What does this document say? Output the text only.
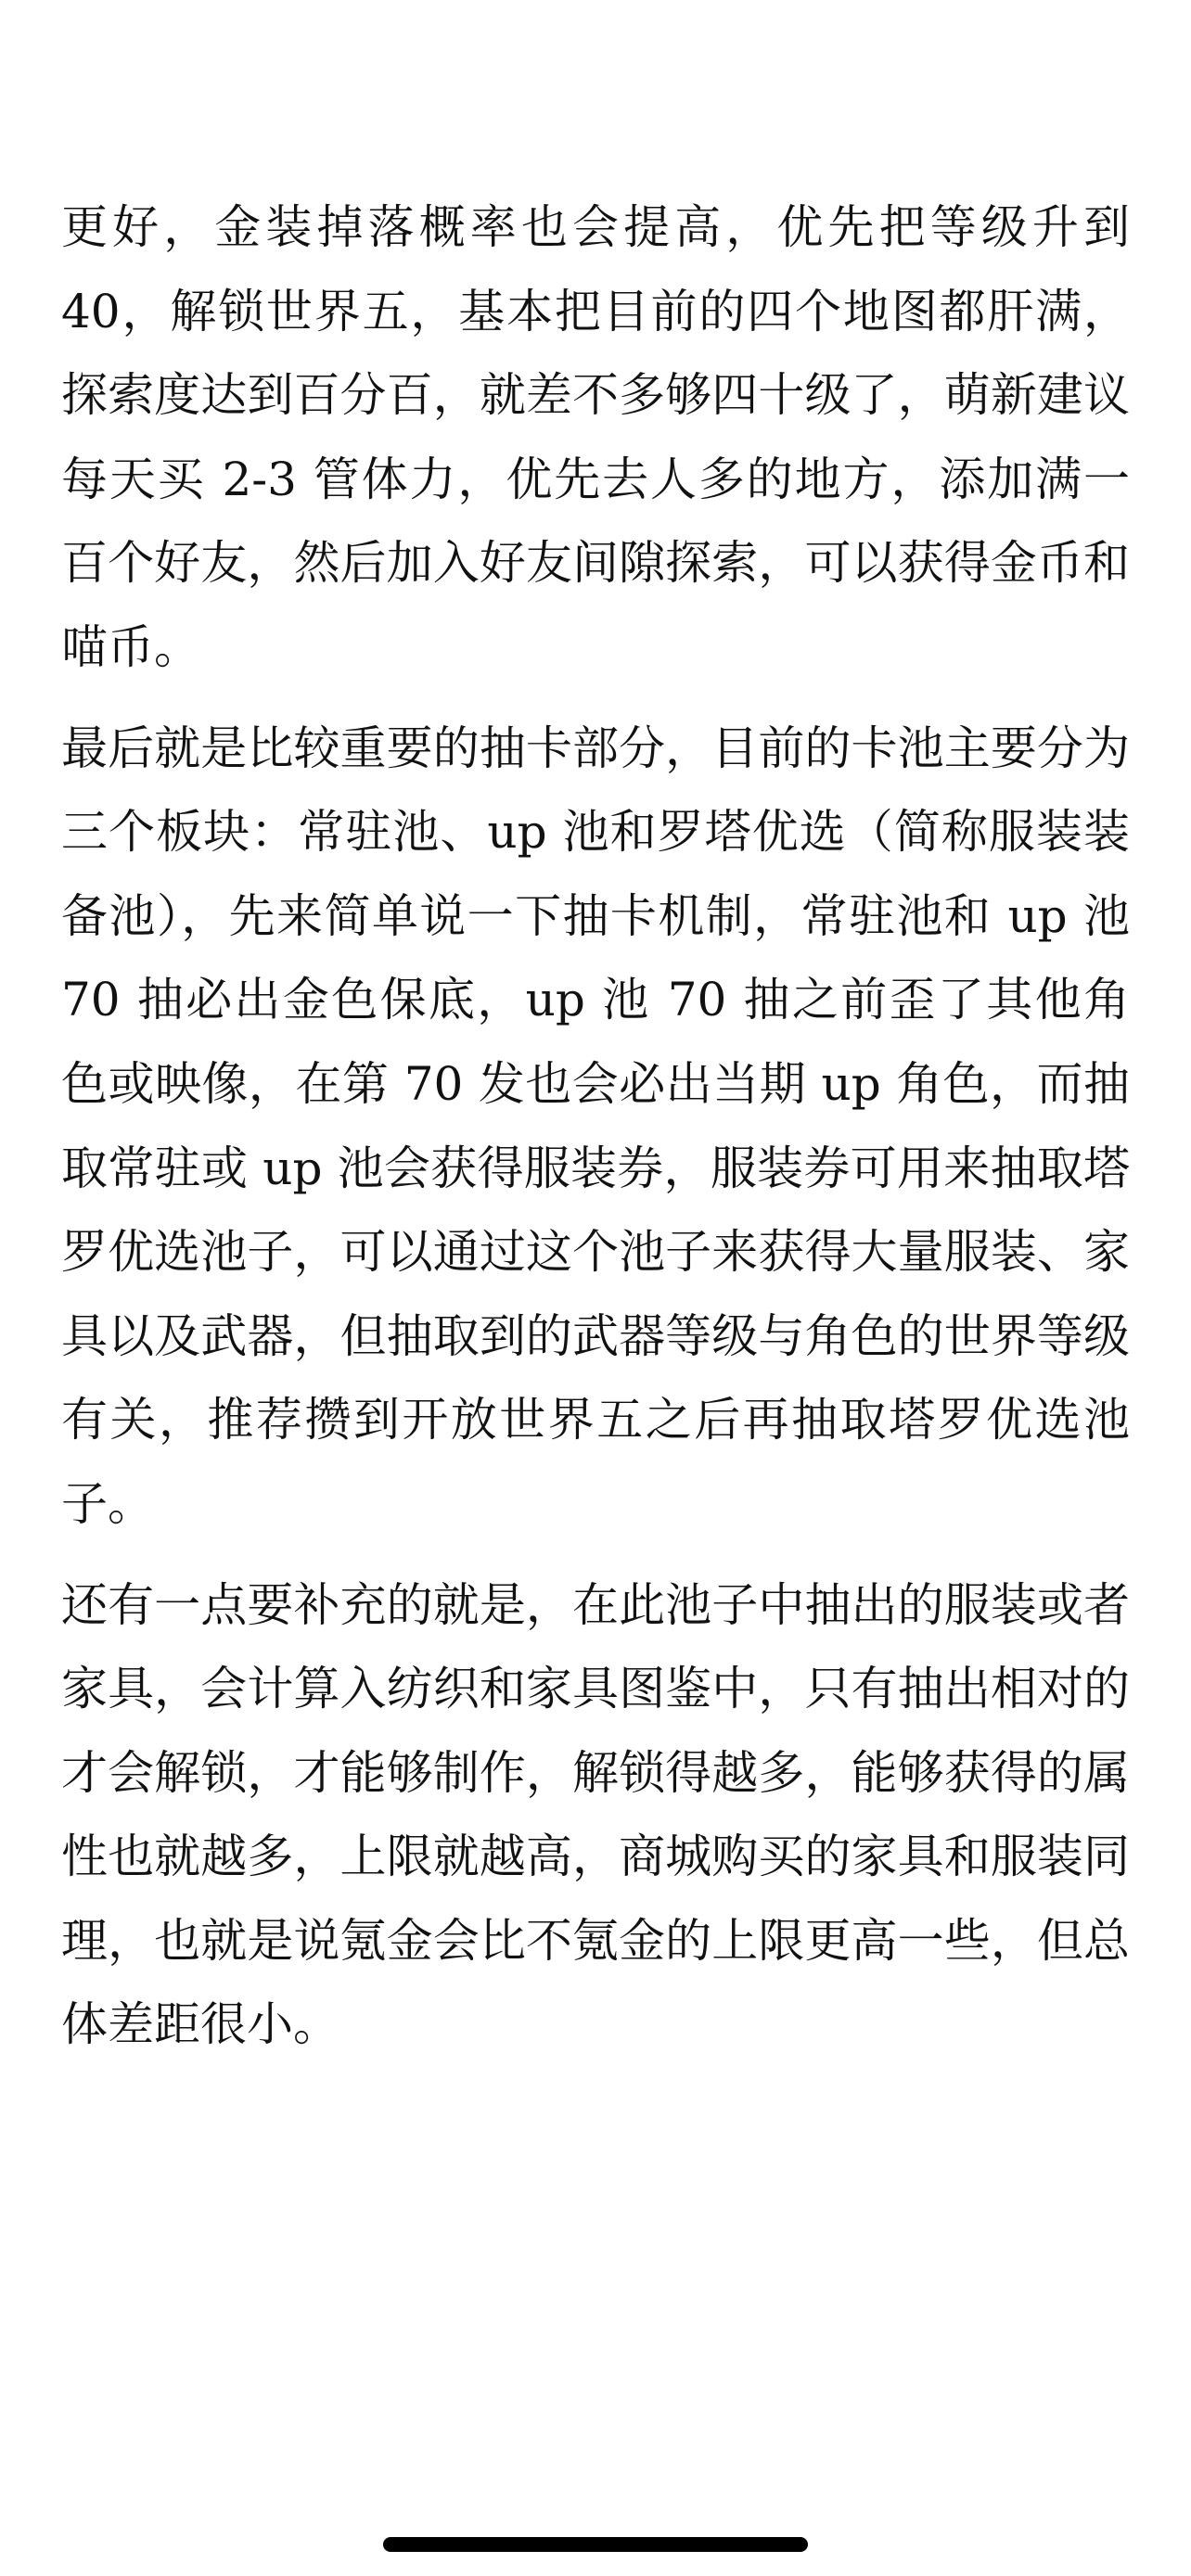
更好，金装掉落概率也会提高，优先把等级升到 40，解锁世界五，基本把目前的四个地图都肝满，探索度达到百分百，就差不多够四十级了，萌新建议每天买 2-3 管体力，优先去人多的地方，添加满一百个好友，然后加入好友间隙探索，可以获得金币和喵币。

最后就是比较重要的抽卡部分，目前的卡池主要分为三个板块：常驻池、up 池和罗塔优选（简称服装装备池），先来简单说一下抽卡机制，常驻池和 up 池 70 抽必出金色保底，up 池 70 抽之前歪了其他角色或映像，在第 70 发也会必出当期 up 角色，而抽取常驻或 up 池会获得服装券，服装券可用来抽取塔罗优选池子，可以通过这个池子来获得大量服装、家具以及武器，但抽取到的武器等级与角色的世界等级有关，推荐攒到开放世界五之后再抽取塔罗优选池子。

还有一点要补充的就是，在此池子中抽出的服装或者家具，会计算入纺织和家具图鉴中，只有抽出相对的才会解锁，才能够制作，解锁得越多，能够获得的属性也就越多，上限就越高，商城购买的家具和服装同理，也就是说氪金会比不氪金的上限更高一些，但总体差距很小。
